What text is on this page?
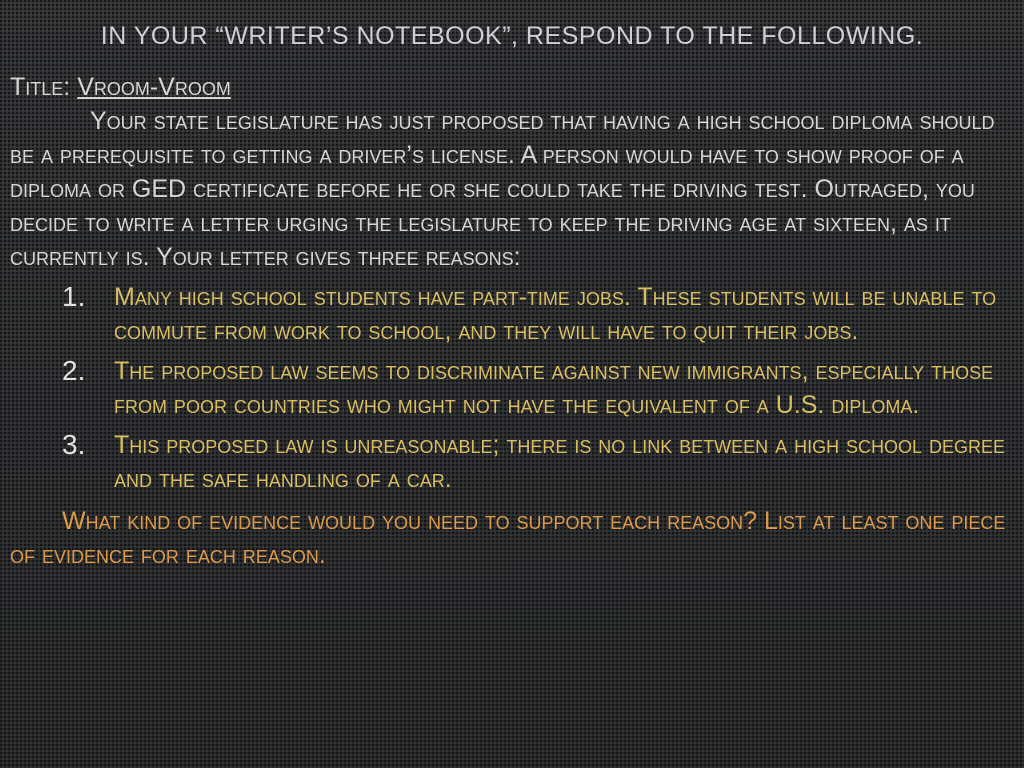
IN YOUR “WRITER’S NOTEBOOK”, RESPOND TO THE FOLLOWING.

Title: Vroom-Vroom

Your state legislature has just proposed that having a high school diploma should be a prerequisite to getting a driver’s license. A person would have to show proof of a diploma or GED certificate before he or she could take the driving test. Outraged, you decide to write a letter urging the legislature to keep the driving age at sixteen, as it currently is. Your letter gives three reasons:

1. Many high school students have part-time jobs. These students will be unable to commute from work to school, and they will have to quit their jobs.
2. The proposed law seems to discriminate against new immigrants, especially those from poor countries who might not have the equivalent of a U.S. diploma.
3. This proposed law is unreasonable; there is no link between a high school degree and the safe handling of a car.

What kind of evidence would you need to support each reason? List at least one piece of evidence for each reason.
